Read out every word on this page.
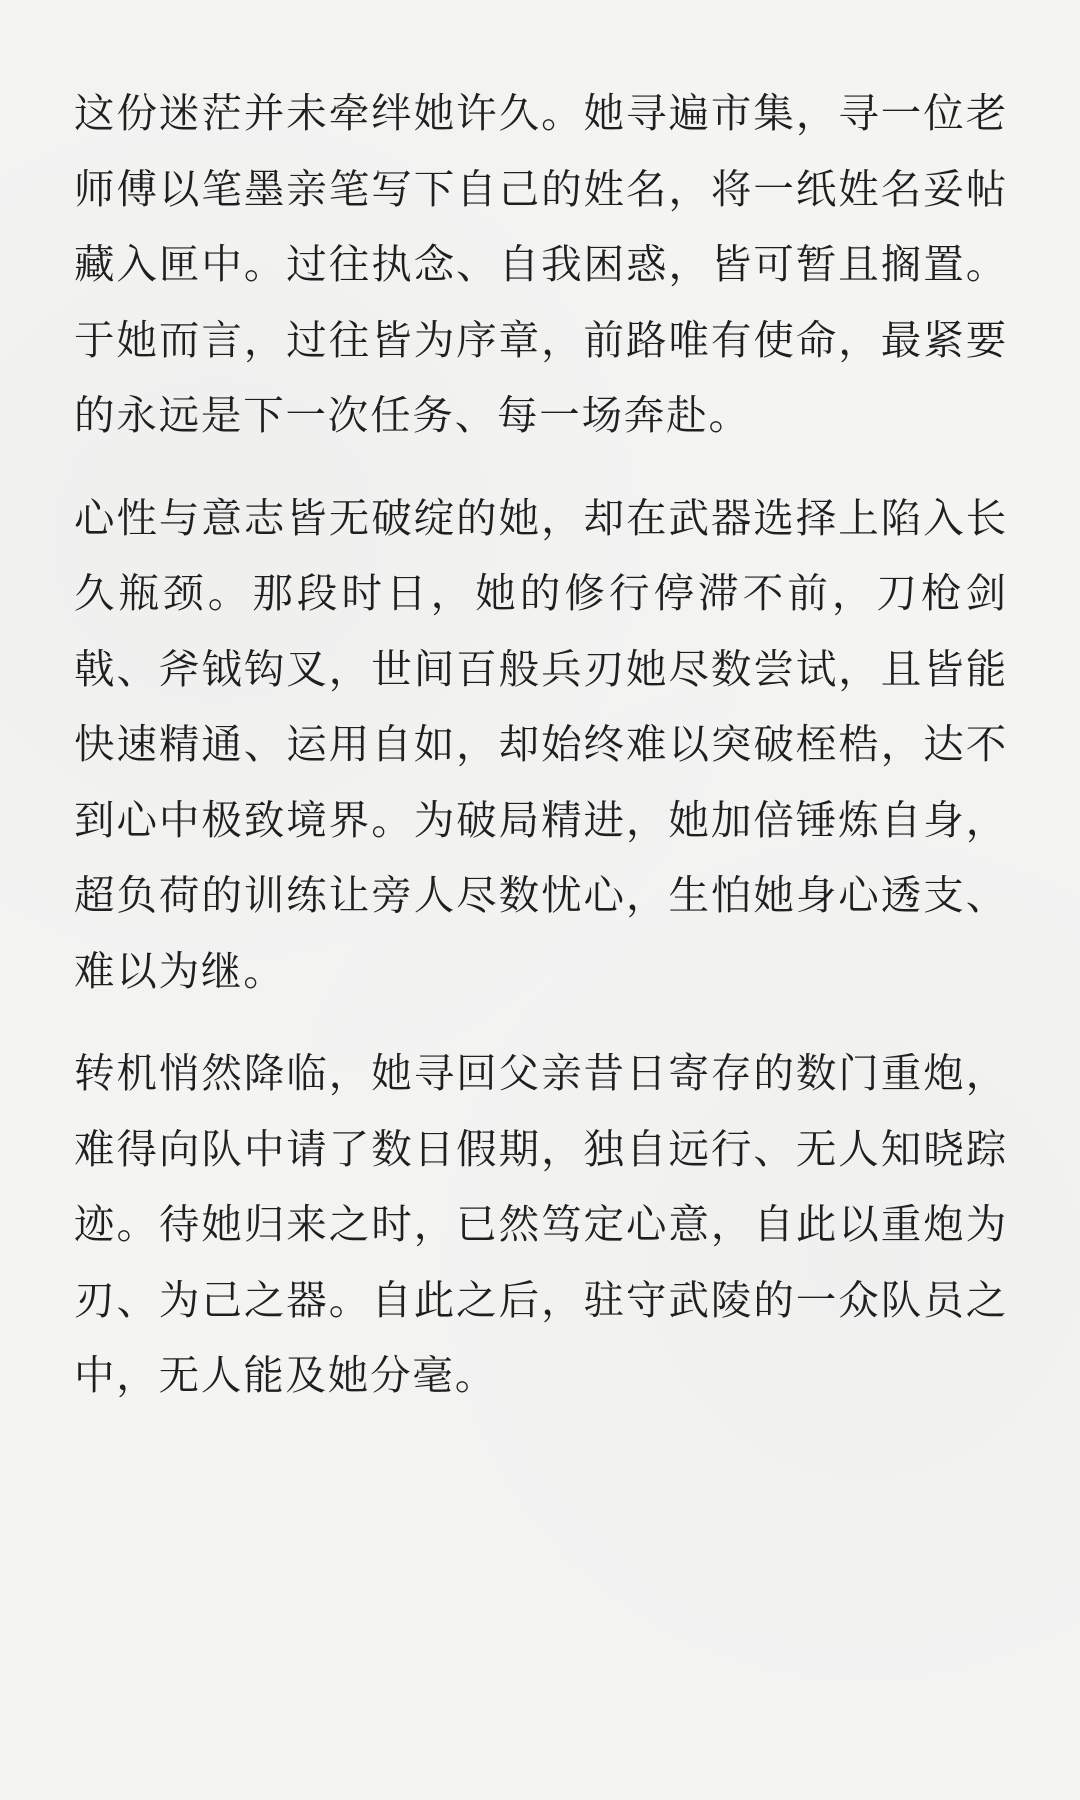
这份迷茫并未牵绊她许久。她寻遍市集，寻一位老师傅以笔墨亲笔写下自己的姓名，将一纸姓名妥帖藏入匣中。过往执念、自我困惑，皆可暂且搁置。于她而言，过往皆为序章，前路唯有使命，最紧要的永远是下一次任务、每一场奔赴。

心性与意志皆无破绽的她，却在武器选择上陷入长久瓶颈。那段时日，她的修行停滞不前，刀枪剑戟、斧钺钩叉，世间百般兵刃她尽数尝试，且皆能快速精通、运用自如，却始终难以突破桎梏，达不到心中极致境界。为破局精进，她加倍锤炼自身，超负荷的训练让旁人尽数忧心，生怕她身心透支、难以为继。

转机悄然降临，她寻回父亲昔日寄存的数门重炮，难得向队中请了数日假期，独自远行、无人知晓踪迹。待她归来之时，已然笃定心意，自此以重炮为刃、为己之器。自此之后，驻守武陵的一众队员之中，无人能及她分毫。
